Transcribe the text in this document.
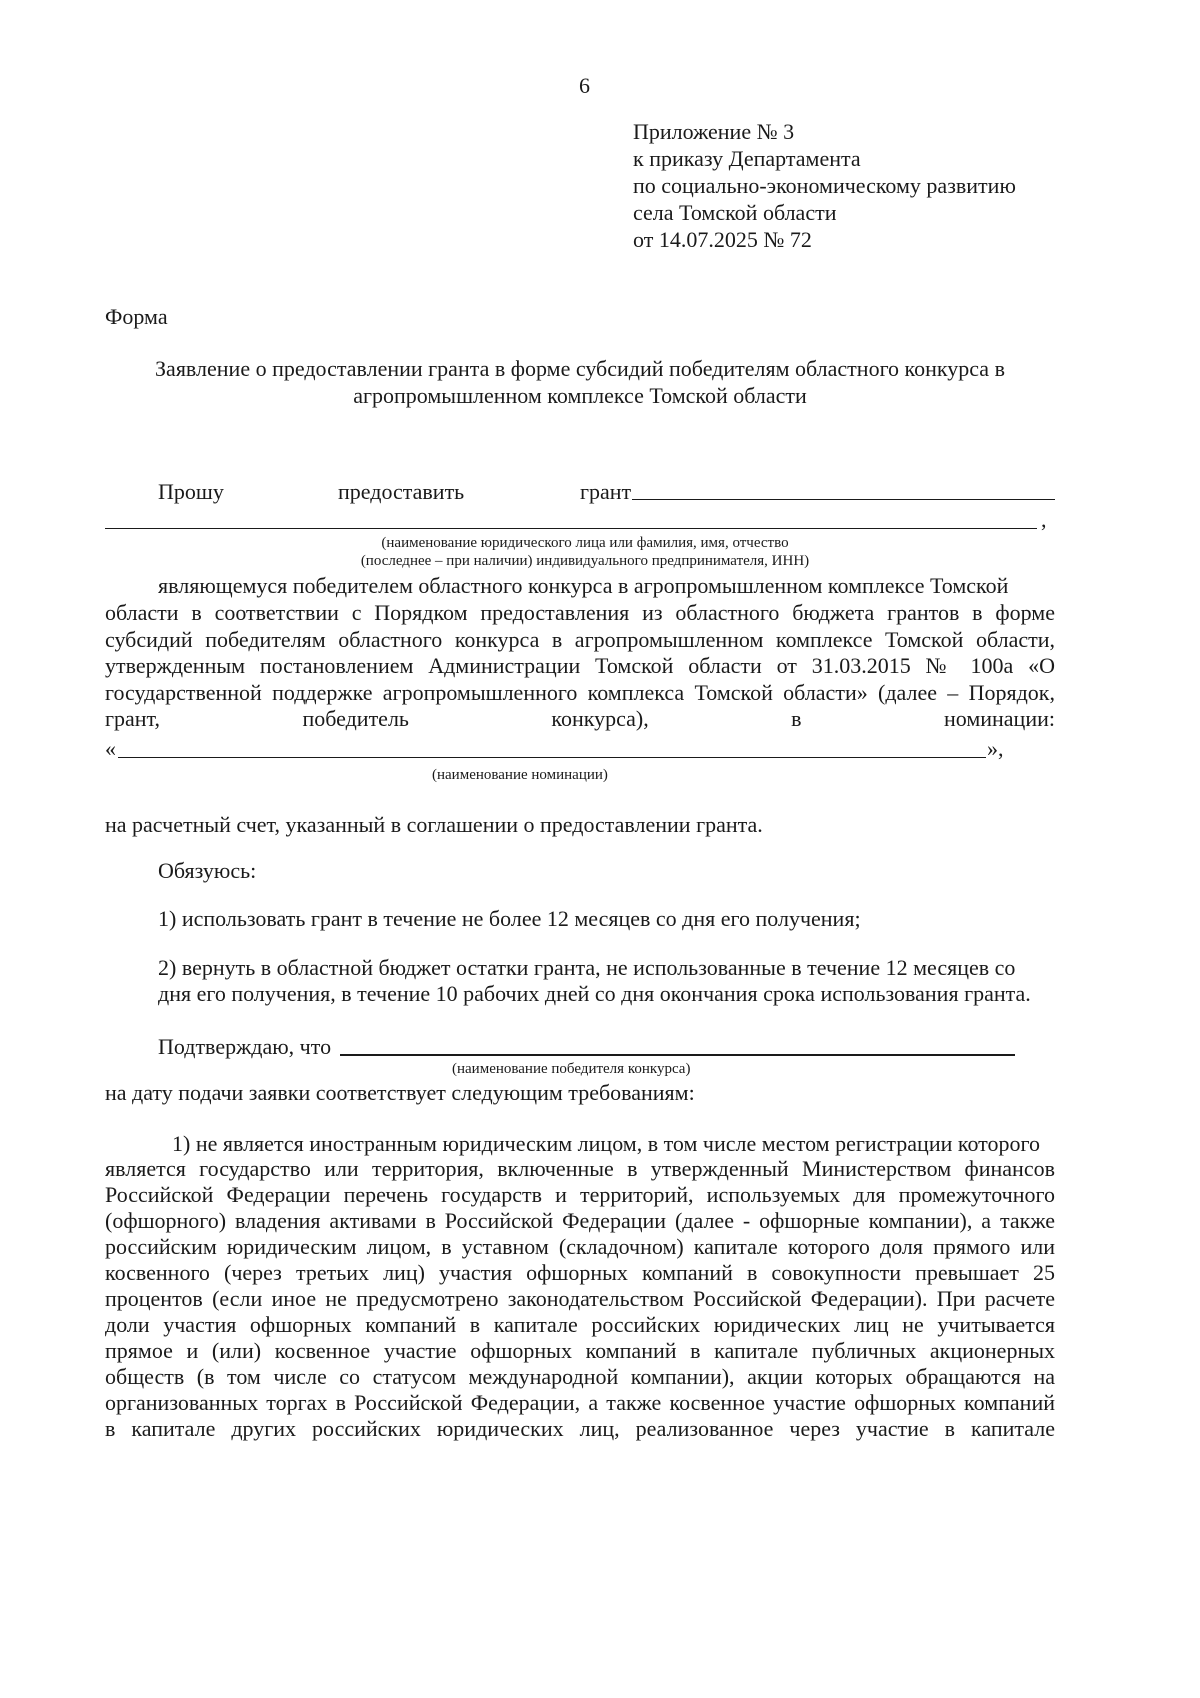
6
Приложение № 3
к приказу Департамента
по социально-экономическому развитию
села Томской области
от 14.07.2025 № 72
Форма
Заявление о предоставлении гранта в форме субсидий победителям областного конкурса в
агропромышленном комплексе Томской области
Прошу	предоставить	грант
,
(наименование юридического лица или фамилия, имя, отчество
(последнее – при наличии) индивидуального предпринимателя, ИНН)
являющемуся победителем областного конкурса в агропромышленном комплексе Томской
области в соответствии с Порядком предоставления из областного бюджета грантов в форме
субсидий победителям областного конкурса в агропромышленном комплексе Томской области,
утвержденным постановлением Администрации Томской области от 31.03.2015 № 100а «О
государственной поддержке агропромышленного комплекса Томской области» (далее – Порядок,
грант, победитель конкурса), в номинации:
«	»,
(наименование номинации)
на расчетный счет, указанный в соглашении о предоставлении гранта.
Обязуюсь:
1) использовать грант в течение не более 12 месяцев со дня его получения;
2) вернуть в областной бюджет остатки гранта, не использованные в течение 12 месяцев со
дня его получения, в течение 10 рабочих дней со дня окончания срока использования гранта.
Подтверждаю, что
(наименование победителя конкурса)
на дату подачи заявки соответствует следующим требованиям:
1) не является иностранным юридическим лицом, в том числе местом регистрации которого
является государство или территория, включенные в утвержденный Министерством финансов
Российской Федерации перечень государств и территорий, используемых для промежуточного
(офшорного) владения активами в Российской Федерации (далее - офшорные компании), а также
российским юридическим лицом, в уставном (складочном) капитале которого доля прямого или
косвенного (через третьих лиц) участия офшорных компаний в совокупности превышает 25
процентов (если иное не предусмотрено законодательством Российской Федерации). При расчете
доли участия офшорных компаний в капитале российских юридических лиц не учитывается
прямое и (или) косвенное участие офшорных компаний в капитале публичных акционерных
обществ (в том числе со статусом международной компании), акции которых обращаются на
организованных торгах в Российской Федерации, а также косвенное участие офшорных компаний
в капитале других российских юридических лиц, реализованное через участие в капитале
